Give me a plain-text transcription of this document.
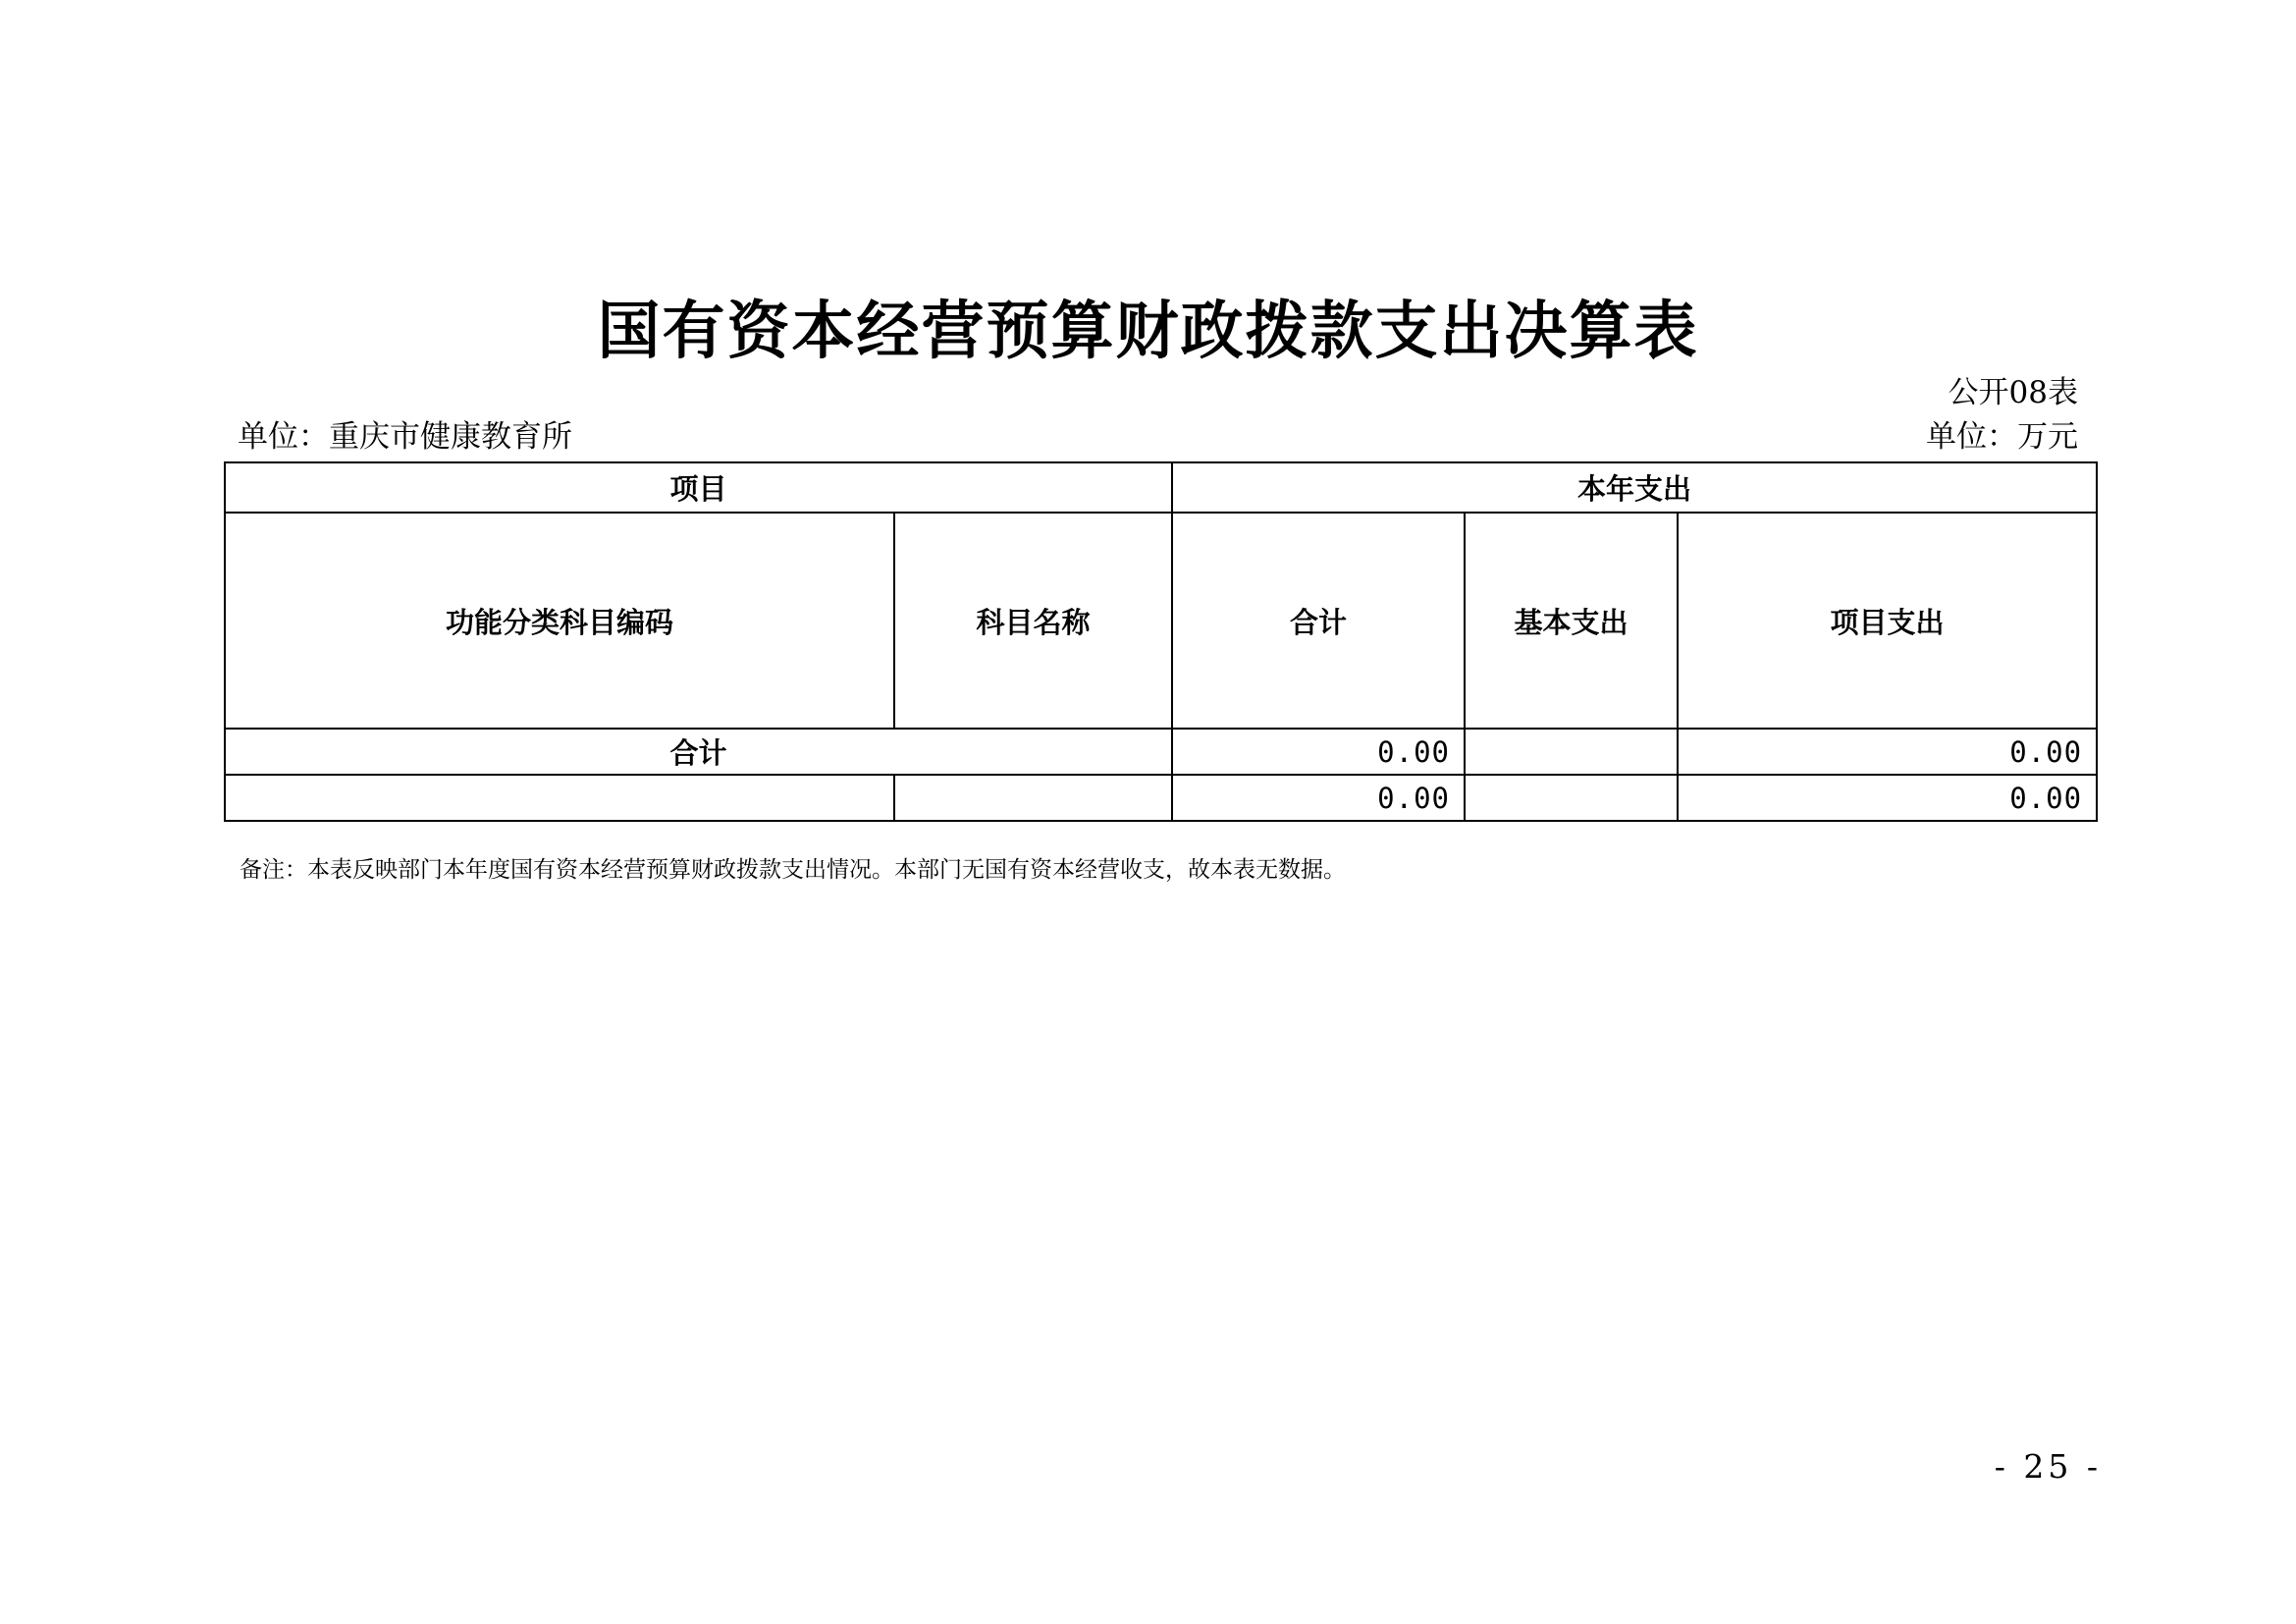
国有资本经营预算财政拨款支出决算表
公开08表
单位：重庆市健康教育所	单位：万元
项目		本年支出		
功能分类科目编码	科目名称	合计	基本支出	项目支出
合计		0.00		0.00
		0.00		0.00
备注：本表反映部门本年度国有资本经营预算财政拨款支出情况。本部门无国有资本经营收支，故本表无数据。
- 25 -
